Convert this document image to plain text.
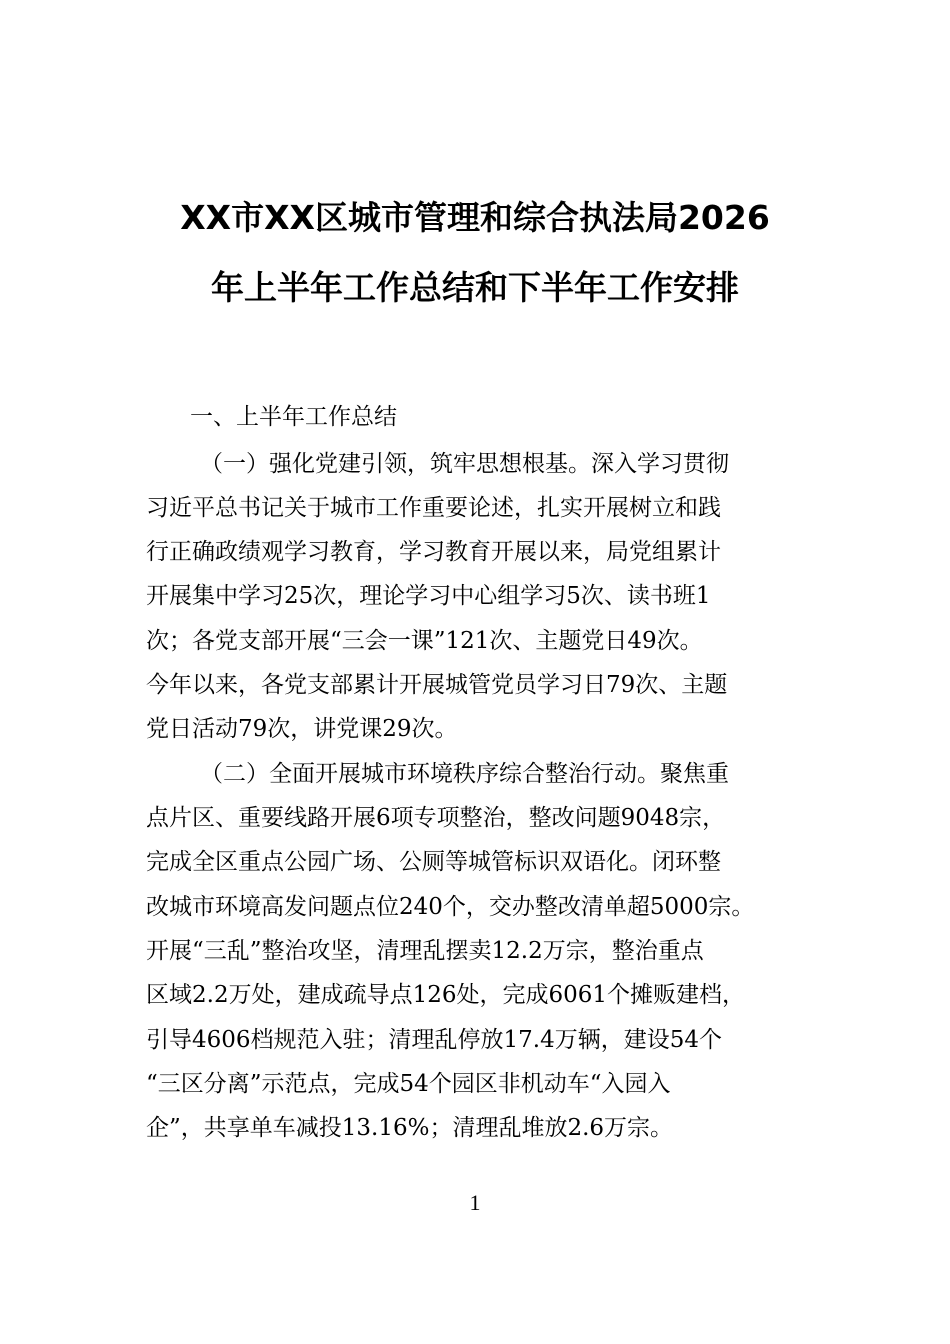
XX市XX区城市管理和综合执法局2026
年上半年工作总结和下半年工作安排
一、上半年工作总结
（一）强化党建引领，筑牢思想根基。深入学习贯彻
习近平总书记关于城市工作重要论述，扎实开展树立和践
行正确政绩观学习教育，学习教育开展以来，局党组累计
开展集中学习25次，理论学习中心组学习5次、读书班1
次；各党支部开展“三会一课”121次、主题党日49次。
今年以来，各党支部累计开展城管党员学习日79次、主题
党日活动79次，讲党课29次。
（二）全面开展城市环境秩序综合整治行动。聚焦重
点片区、重要线路开展6项专项整治，整改问题9048宗，
完成全区重点公园广场、公厕等城管标识双语化。闭环整
改城市环境高发问题点位240个，交办整改清单超5000宗。
开展“三乱”整治攻坚，清理乱摆卖12.2万宗，整治重点
区域2.2万处，建成疏导点126处，完成6061个摊贩建档，
引导4606档规范入驻；清理乱停放17.4万辆，建设54个
“三区分离”示范点，完成54个园区非机动车“入园入
企”，共享单车减投13.16%；清理乱堆放2.6万宗。
1
